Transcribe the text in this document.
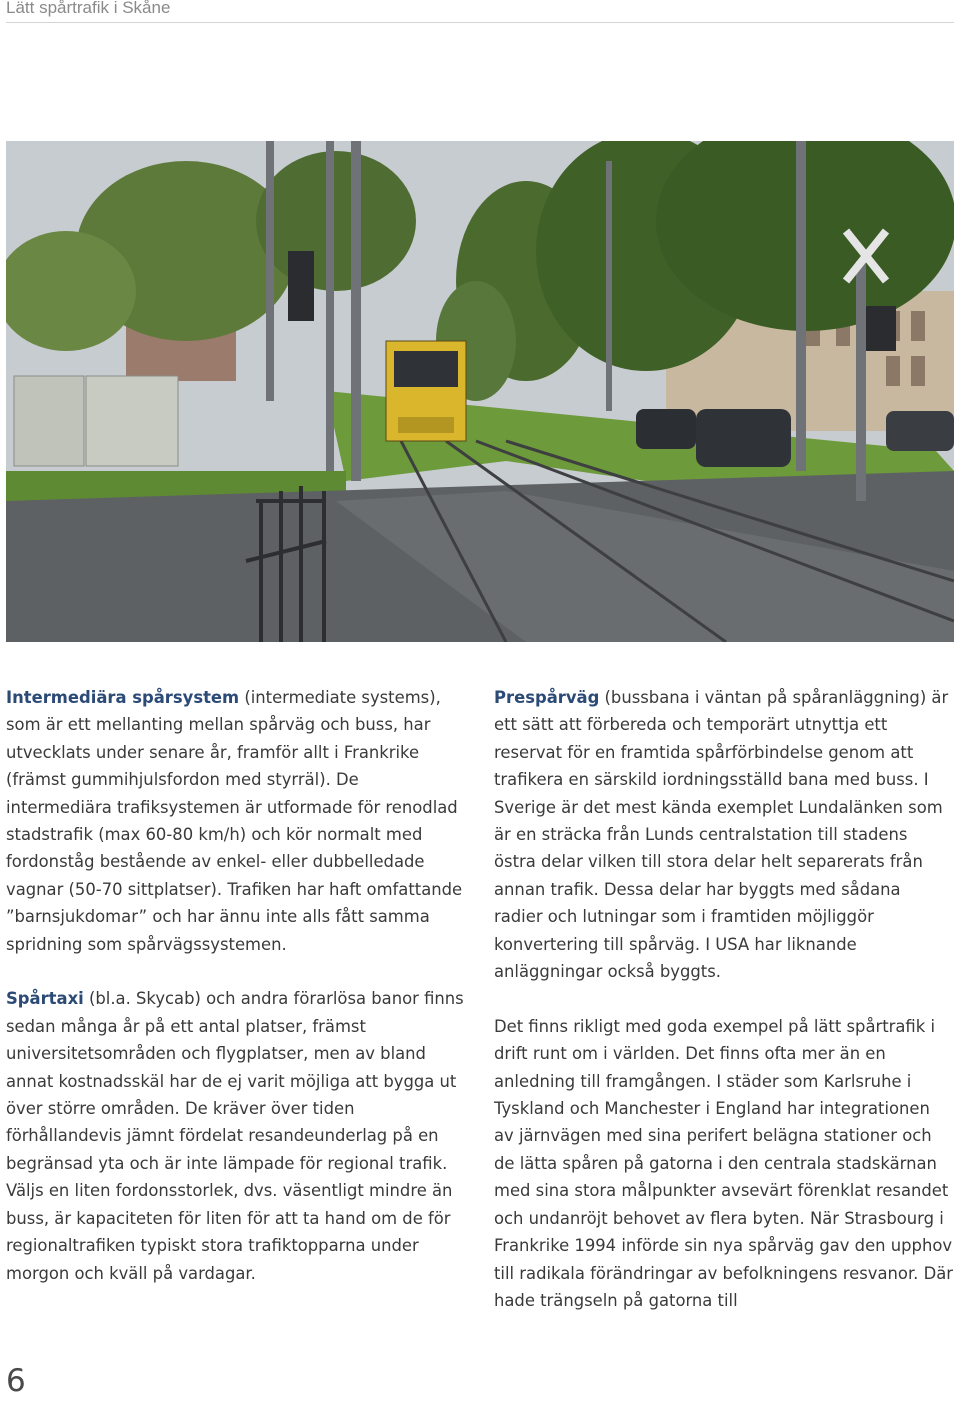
Lätt spårtrafik i Skåne

Intermediära spårsystem (intermediate systems), som är ett mellanting mellan spårväg och buss, har utvecklats under senare år, framför allt i Frankrike (främst gummihjulsfordon med styrräl). De intermediära trafiksystemen är utformade för renodlad stadstrafik (max 60-80 km/h) och kör normalt med fordonståg bestående av enkel- eller dubbelledade vagnar (50-70 sittplatser). Trafiken har haft omfattande ”barnsjukdomar” och har ännu inte alls fått samma spridning som spårvägssystemen.

Spårtaxi (bl.a. Skycab) och andra förarlösa banor finns sedan många år på ett antal platser, främst universitetsområden och flygplatser, men av bland annat kostnadsskäl har de ej varit möjliga att bygga ut över större områden. De kräver över tiden förhållandevis jämnt fördelat resandeunderlag på en begränsad yta och är inte lämpade för regional trafik. Väljs en liten fordonsstorlek, dvs. väsentligt mindre än buss, är kapaciteten för liten för att ta hand om de för regionaltrafiken typiskt stora trafiktopparna under morgon och kväll på vardagar.

Prespårväg (bussbana i väntan på spåranläggning) är ett sätt att förbereda och temporärt utnyttja ett reservat för en framtida spårförbindelse genom att trafikera en särskild iordningsställd bana med buss. I Sverige är det mest kända exemplet Lundalänken som är en sträcka från Lunds centralstation till stadens östra delar vilken till stora delar helt separerats från annan trafik. Dessa delar har byggts med sådana radier och lutningar som i framtiden möjliggör konvertering till spårväg. I USA har liknande anläggningar också byggts.

Det finns rikligt med goda exempel på lätt spårtrafik i drift runt om i världen. Det finns ofta mer än en anledning till framgången. I städer som Karlsruhe i Tyskland och Manchester i England har integrationen av järnvägen med sina perifert belägna stationer och de lätta spåren på gatorna i den centrala stadskärnan med sina stora målpunkter avsevärt förenklat resandet och undanröjt behovet av flera byten. När Strasbourg i Frankrike 1994 införde sin nya spårväg gav den upphov till radikala förändringar av befolkningens resvanor. Där hade trängseln på gatorna till

6
